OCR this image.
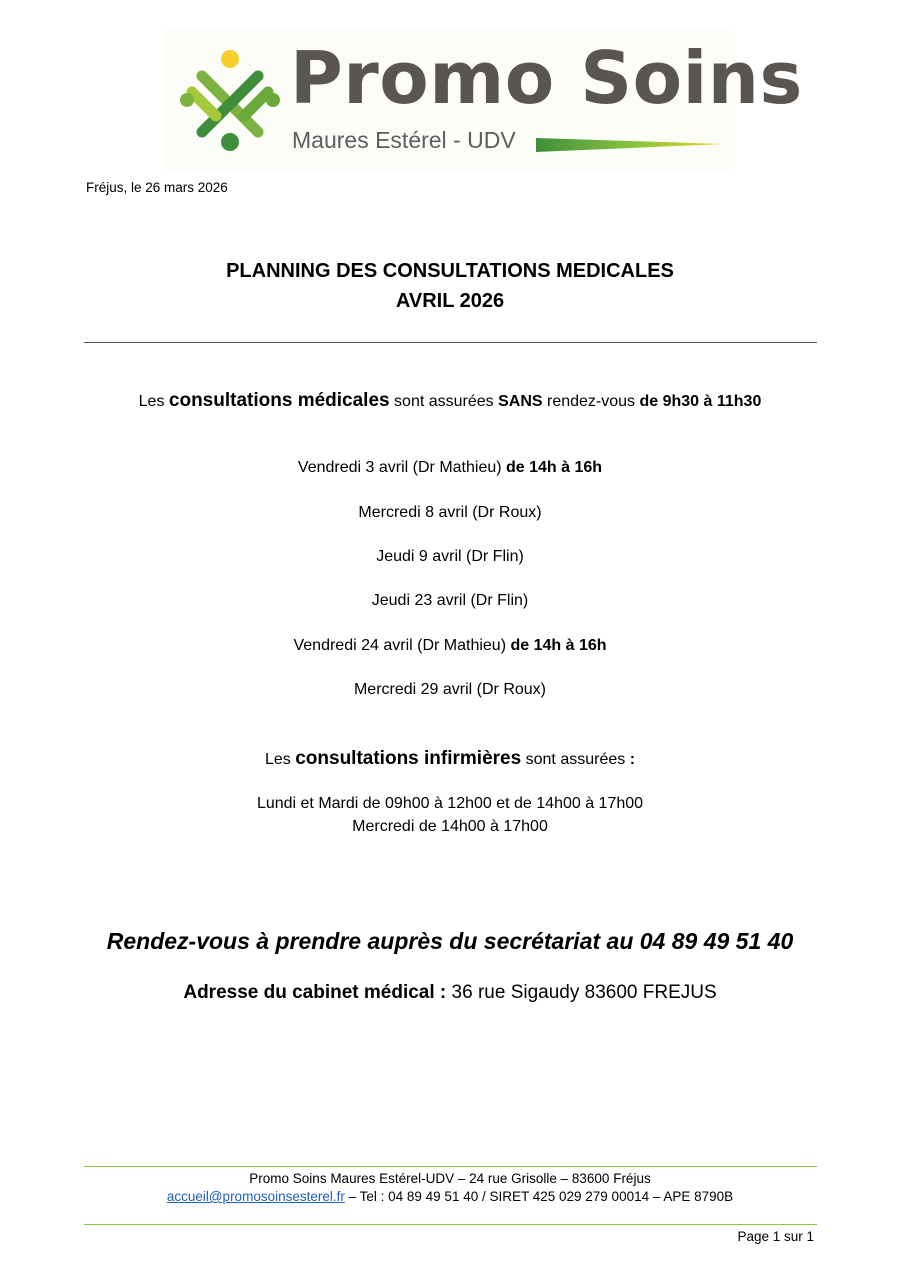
Promo Soins
Maures Estérel - UDV
Fréjus, le 26 mars 2026
PLANNING DES CONSULTATIONS MEDICALES
AVRIL 2026
Les consultations médicales sont assurées SANS rendez-vous de 9h30 à 11h30
Vendredi 3 avril (Dr Mathieu) de 14h à 16h
Mercredi 8 avril (Dr Roux)
Jeudi 9 avril (Dr Flin)
Jeudi 23 avril (Dr Flin)
Vendredi 24 avril (Dr Mathieu) de 14h à 16h
Mercredi 29 avril (Dr Roux)
Les consultations infirmières sont assurées :
Lundi et Mardi de 09h00 à 12h00 et de 14h00 à 17h00
Mercredi de 14h00 à 17h00
Rendez-vous à prendre auprès du secrétariat au 04 89 49 51 40
Adresse du cabinet médical : 36 rue Sigaudy 83600 FREJUS
Promo Soins Maures Estérel-UDV – 24 rue Grisolle – 83600 Fréjus
accueil@promosoinsesterel.fr – Tel : 04 89 49 51 40 / SIRET 425 029 279 00014 – APE 8790B
Page 1 sur 1
